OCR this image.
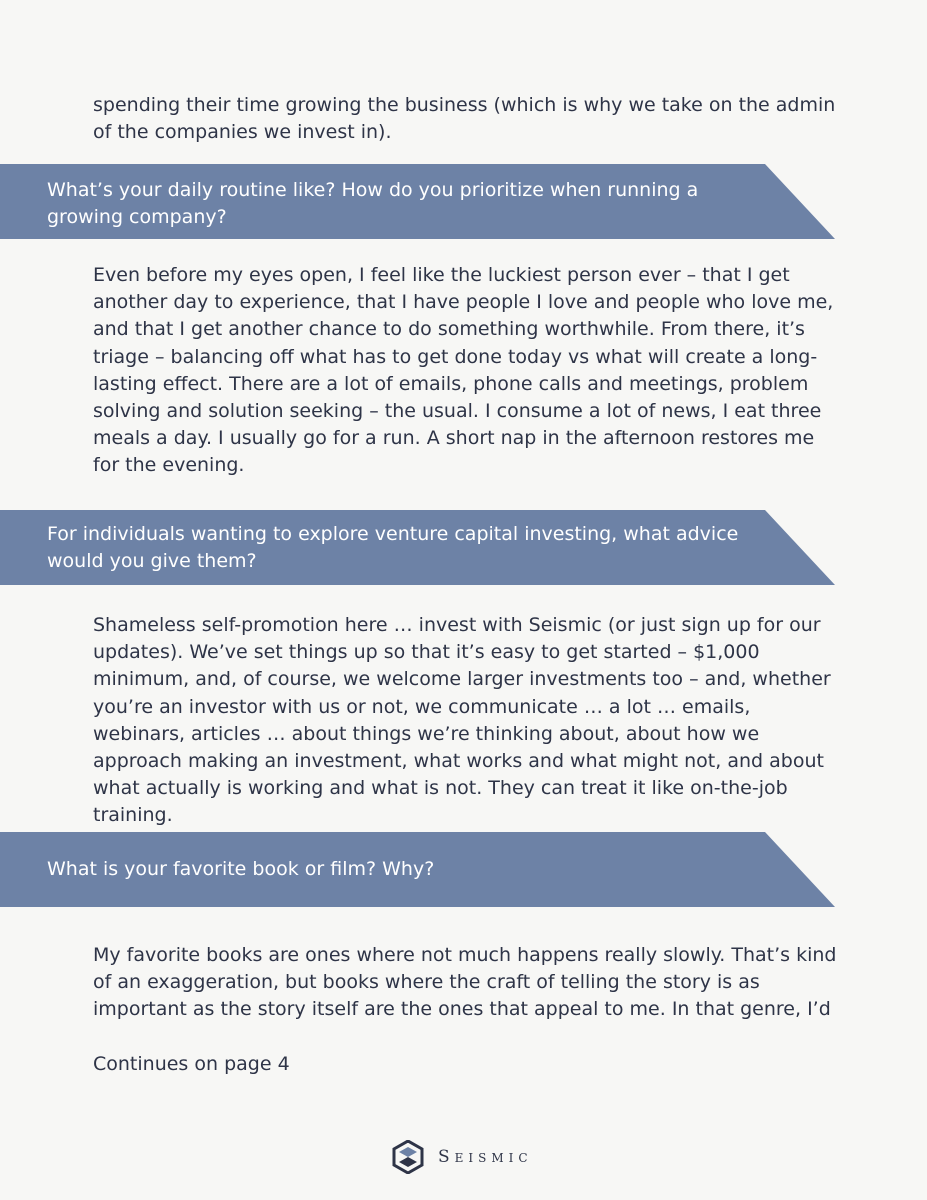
spending their time growing the business (which is why we take on the admin of the companies we invest in).

What’s your daily routine like? How do you prioritize when running a growing company?

Even before my eyes open, I feel like the luckiest person ever – that I get another day to experience, that I have people I love and people who love me, and that I get another chance to do something worthwhile. From there, it’s triage – balancing off what has to get done today vs what will create a long-lasting effect. There are a lot of emails, phone calls and meetings, problem solving and solution seeking – the usual. I consume a lot of news, I eat three meals a day. I usually go for a run. A short nap in the afternoon restores me for the evening.

For individuals wanting to explore venture capital investing, what advice would you give them?

Shameless self-promotion here … invest with Seismic (or just sign up for our updates). We’ve set things up so that it’s easy to get started – $1,000 minimum, and, of course, we welcome larger investments too – and, whether you’re an investor with us or not, we communicate … a lot … emails, webinars, articles … about things we’re thinking about, about how we approach making an investment, what works and what might not, and about what actually is working and what is not. They can treat it like on-the-job training.

What is your favorite book or film? Why?

My favorite books are ones where not much happens really slowly. That’s kind of an exaggeration, but books where the craft of telling the story is as important as the story itself are the ones that appeal to me. In that genre, I’d

Continues on page 4

Seismic
